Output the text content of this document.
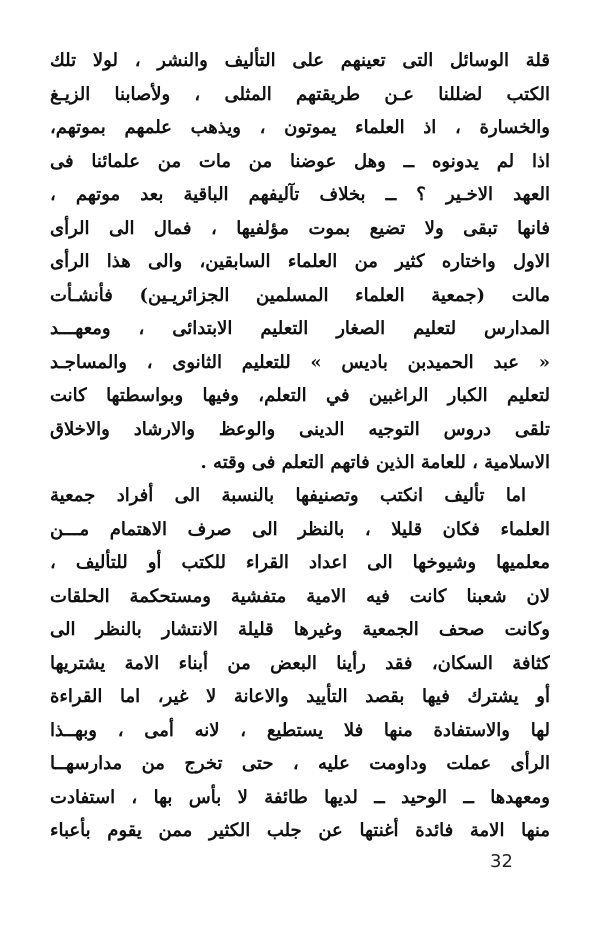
قلة الوسائل التى تعينهم على التأليف والنشر ، لولا تلك
الكتب لضللنا عـن طريقتهم المثلى ، ولأصابنا الزيـغ
والخسارة ، اذ العلماء يموتون ، ويذهب علمهم بموتهم،
اذا لم يدونوه ــ وهل عوضنا من مات من علمائنا فى
العهد الاخـير ؟ ــ بخلاف تآليفهم الباقية بعد موتهم ،
فانها تبقى ولا تضيع بموت مؤلفيها ، فمال الى الرأى
الاول واختاره كثير من العلماء السابقين، والى هذا الرأى
مالت (جمعية العلماء المسلمين الجزائريـين) فأنشـأت
المدارس لتعليم الصغار التعليم الابتدائى ، ومعهـــد
« عبد الحميدبن باديس » للتعليم الثانوى ، والمساجـد
لتعليم الكبار الراغبين في التعلم، وفيها وبواسطتها كانت
تلقى دروس التوجيه الدينى والوعظ والارشاد والاخلاق
الاسلامية ، للعامة الذين فاتهم التعلم فى وقته .
اما تأليف انكتب وتصنيفها بالنسبة الى أفراد جمعية
العلماء فكان قليلا ، بالنظر الى صرف الاهتمام مـــن
معلميها وشيوخها الى اعداد القراء للكتب أو للتأليف ،
لان شعبنا كانت فيه الامية متفشية ومستحكمة الحلقات
وكانت صحف الجمعية وغيرها قليلة الانتشار بالنظر الى
كثافة السكان، فقد رأينا البعض من أبناء الامة يشتريها
أو يشترك فيها بقصد التأييد والاعانة لا غير، اما القراءة
لها والاستفادة منها فلا يستطيع ، لانه أمى ، وبهــذا
الرأى عملت وداومت عليه ، حتى تخرج من مدارسهــا
ومعهدها ــ الوحيد ــ لديها طائفة لا بأس بها ، استفادت
منها الامة فائدة أغنتها عن جلب الكثير ممن يقوم بأعباء
32
